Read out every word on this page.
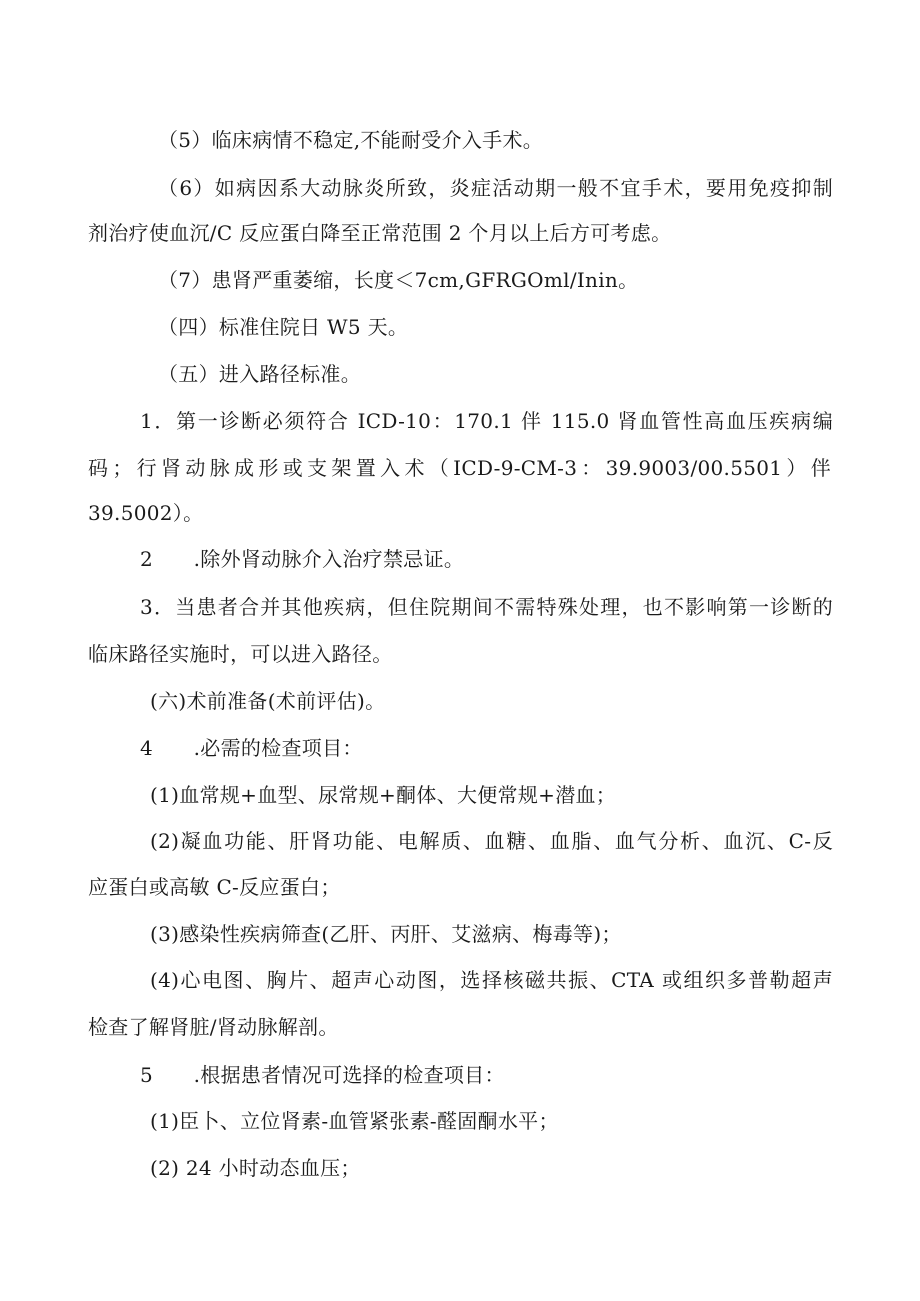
（5）临床病情不稳定,不能耐受介入手术。
（6）如病因系大动脉炎所致，炎症活动期一般不宜手术，要用免疫抑制
剂治疗使血沉/C 反应蛋白降至正常范围 2 个月以上后方可考虑。
（7）患肾严重萎缩，长度＜7cm,GFRGOml/Inin。
（四）标准住院日 W5 天。
（五）进入路径标准。
1．第一诊断必须符合 ICD-10：170.1 伴 115.0 肾血管性高血压疾病编
码；行肾动脉成形或支架置入术（ICD-9-CM-3：39.9003/00.5501）伴
39.5002）。
2　　.除外肾动脉介入治疗禁忌证。
3．当患者合并其他疾病，但住院期间不需特殊处理，也不影响第一诊断的
临床路径实施时，可以进入路径。
(六)术前准备(术前评估)。
4　　.必需的检查项目：
(1)血常规+血型、尿常规+酮体、大便常规+潜血；
(2)凝血功能、肝肾功能、电解质、血糖、血脂、血气分析、血沉、C-反
应蛋白或高敏 C-反应蛋白；
(3)感染性疾病筛查(乙肝、丙肝、艾滋病、梅毒等)；
(4)心电图、胸片、超声心动图，选择核磁共振、CTA 或组织多普勒超声
检查了解肾脏/肾动脉解剖。
5　　.根据患者情况可选择的检查项目：
(1)臣卜、立位肾素-血管紧张素-醛固酮水平；
(2) 24 小时动态血压；
